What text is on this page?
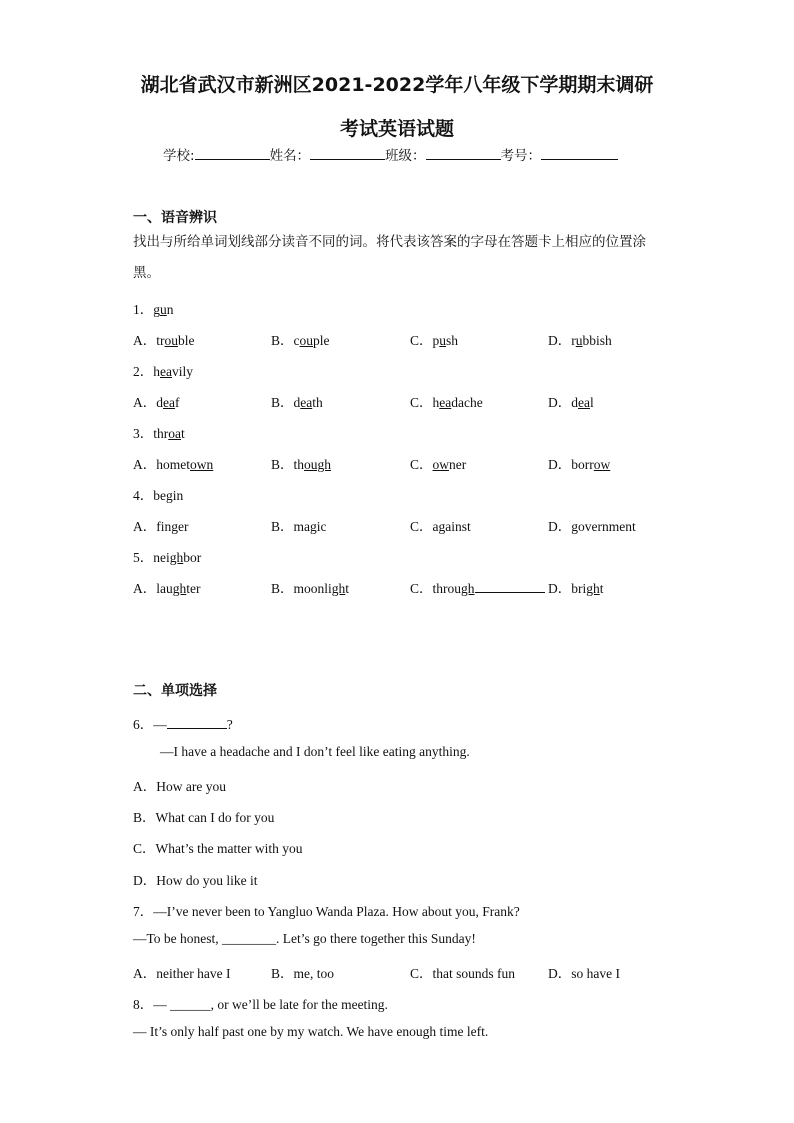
湖北省武汉市新洲区2021-2022学年八年级下学期期末调研
考试英语试题
学校:	姓名：	班级：	考号：
一、语音辨识
找出与所给单词划线部分读音不同的词。将代表该答案的字母在答题卡上相应的位置涂黑。
1．gun
A．trouble	B．couple	C．push	D．rubbish
2．heavily
A．deaf	B．death	C．headache	D．deal
3．throat
A．hometown	B．though	C．owner	D．borrow
4．begin
A．finger	B．magic	C．against	D．government
5．neighbor
A．laughter	B．moonlight	C．through	D．bright
二、单项选择
6．—	?
—I have a headache and I don’t feel like eating anything.
A．How are you
B．What can I do for you
C．What’s the matter with you
D．How do you like it
7．—I’ve never been to Yangluo Wanda Plaza. How about you, Frank?
—To be honest, ________. Let’s go there together this Sunday!
A．neither have I	B．me, too	C．that sounds fun D．so have I
8．— ______, or we’ll be late for the meeting.
— It’s only half past one by my watch. We have enough time left.
